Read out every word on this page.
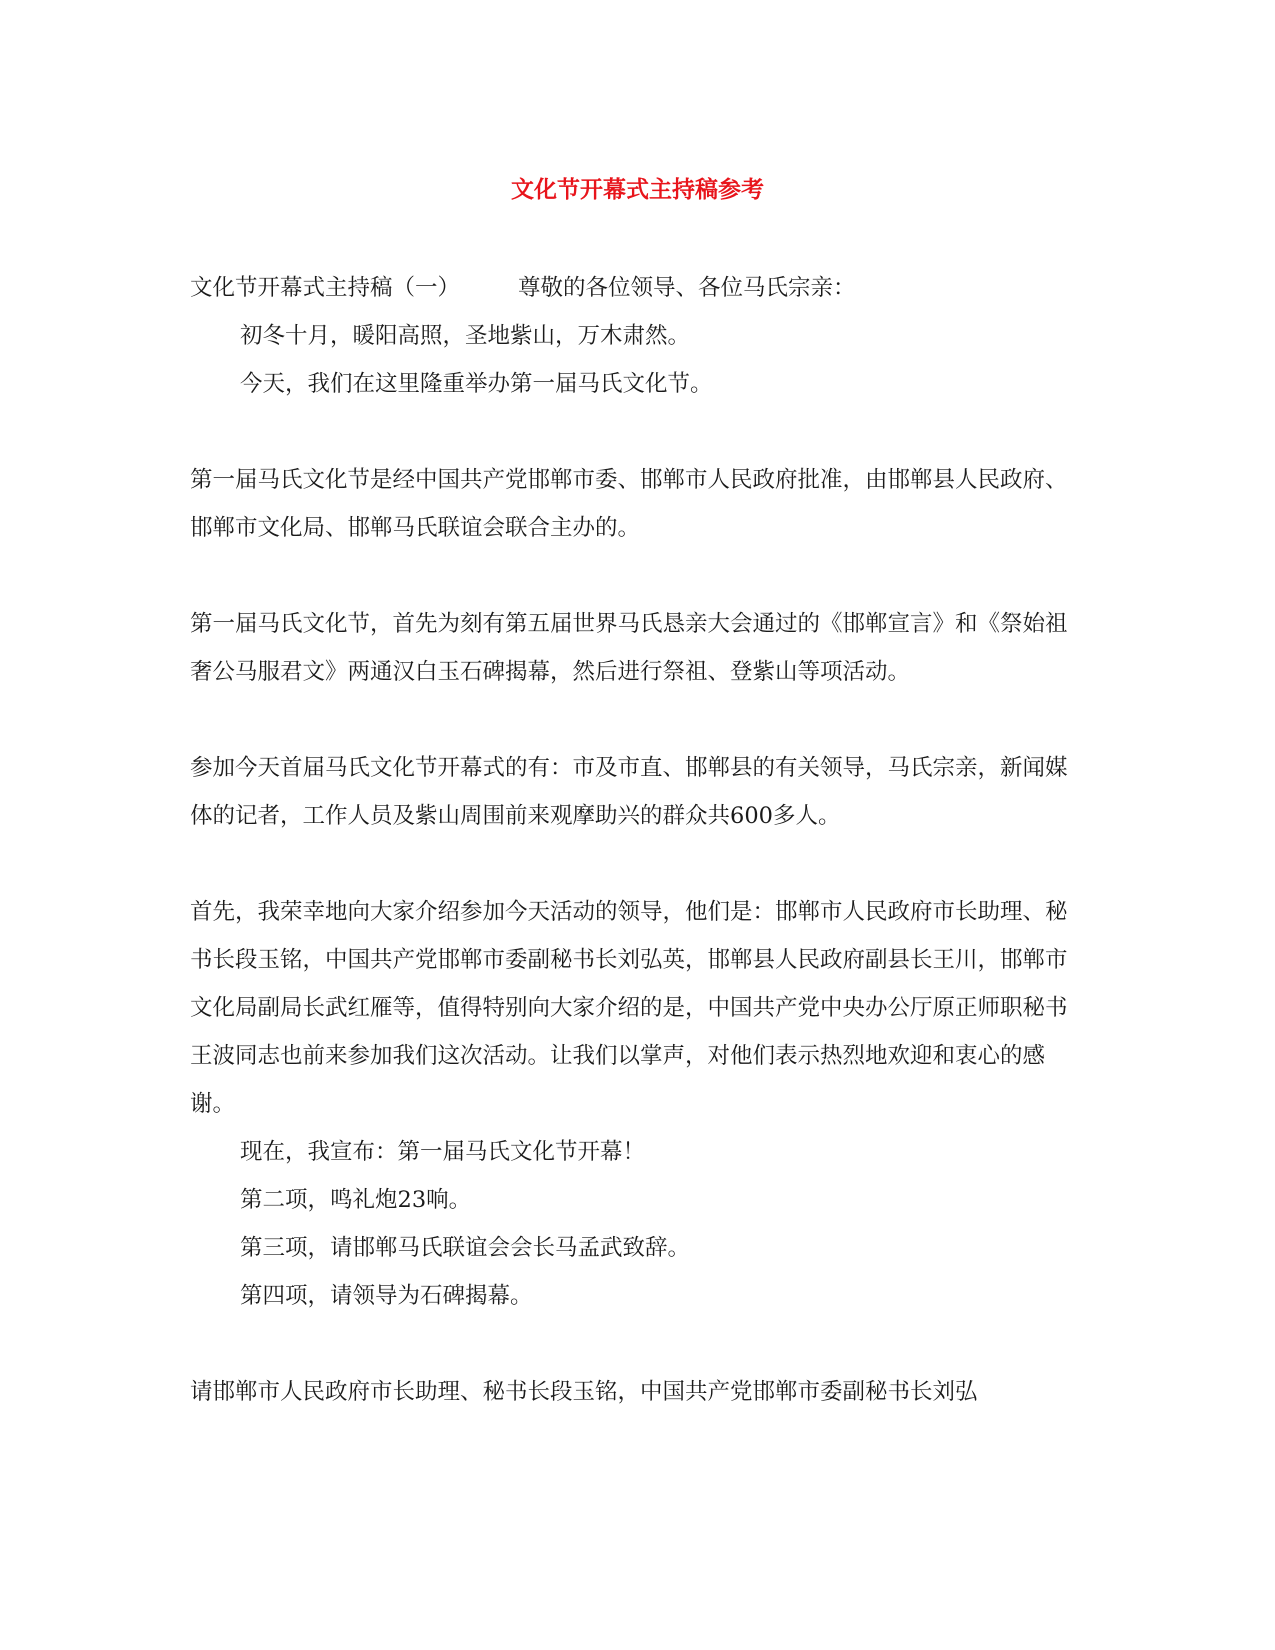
文化节开幕式主持稿参考

文化节开幕式主持稿（一）	尊敬的各位领导、各位马氏宗亲：

初冬十月，暖阳高照，圣地紫山，万木肃然。

今天，我们在这里隆重举办第一届马氏文化节。

第一届马氏文化节是经中国共产党邯郸市委、邯郸市人民政府批准，由邯郸县人民政府、邯郸市文化局、邯郸马氏联谊会联合主办的。

第一届马氏文化节，首先为刻有第五届世界马氏恳亲大会通过的《邯郸宣言》和《祭始祖奢公马服君文》两通汉白玉石碑揭幕，然后进行祭祖、登紫山等项活动。

参加今天首届马氏文化节开幕式的有：市及市直、邯郸县的有关领导，马氏宗亲，新闻媒体的记者，工作人员及紫山周围前来观摩助兴的群众共600多人。

首先，我荣幸地向大家介绍参加今天活动的领导，他们是：邯郸市人民政府市长助理、秘书长段玉铭，中国共产党邯郸市委副秘书长刘弘英，邯郸县人民政府副县长王川，邯郸市文化局副局长武红雁等，值得特别向大家介绍的是，中国共产党中央办公厅原正师职秘书王波同志也前来参加我们这次活动。让我们以掌声，对他们表示热烈地欢迎和衷心的感谢。

现在，我宣布：第一届马氏文化节开幕！

第二项，鸣礼炮23响。

第三项，请邯郸马氏联谊会会长马孟武致辞。

第四项，请领导为石碑揭幕。

请邯郸市人民政府市长助理、秘书长段玉铭，中国共产党邯郸市委副秘书长刘弘
